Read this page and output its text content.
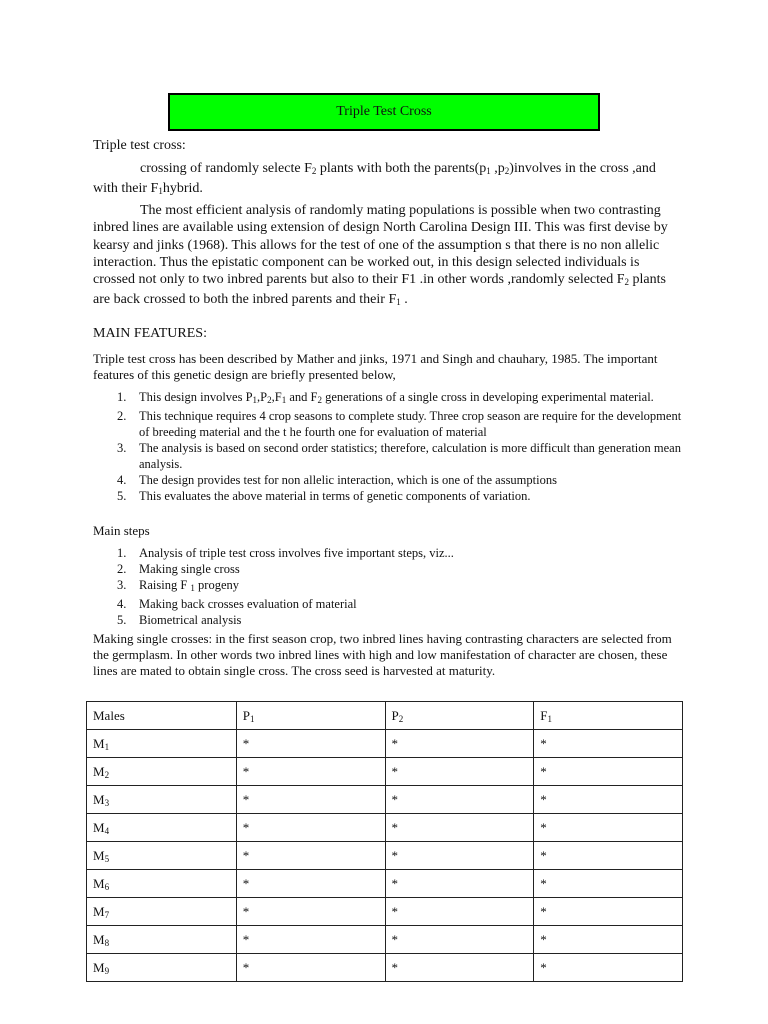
Triple Test Cross
Triple test cross:

crossing of randomly selecte $F_2$ plants with both the $parents(p_1$ $,p_2)involves$ in the cross ,and with their $F_1hybrid$.

The most efficient analysis of randomly mating populations is possible when two contrasting inbred lines are available using extension of design North Carolina Design III. This was first devise by kearsy and jinks (1968). This allows for the test of one of the assumption s that there is no non allelic interaction. Thus the epistatic component can be worked out, in this design selected individuals is crossed not only to two inbred parents but also to their F1 .in other words ,randomly selected $F_2$ plants are back crossed to both the inbred parents and their $F_1$ .

MAIN FEATURES:
Triple test cross has been described by Mather and jinks, 1971 and Singh and chauhary, 1985. The important features of this genetic design are briefly presented below,
1. This design involves $P_1,P_2,F_1$ and $F_2$ generations of a single cross in developing experimental material.
2. This technique requires 4 crop seasons to complete study. Three crop season are require for the development of breeding material and the t he fourth one for evaluation of material
3. The analysis is based on second order statistics; therefore, calculation is more difficult than generation mean analysis.
4. The design provides test for non allelic interaction, which is one of the assumptions
5. This evaluates the above material in terms of genetic components of variation.
Main steps
1. Analysis of triple test cross involves five important steps, viz...
2. Making single cross
3. Raising F $_1$ progeny
4. Making back crosses evaluation of material
5. Biometrical analysis
Making single crosses: in the first season crop, two inbred lines having contrasting characters are selected from the germplasm. In other words two inbred lines with high and low manifestation of character are chosen, these lines are mated to obtain single cross. The cross seed is harvested at maturity.
Males	$P_1$	$P_2$	$F_1$
$M_1$	*	*	*
$M_2$	*	*	*
$M_3$	*	*	*
$M_4$	*	*	*
$M_5$	*	*	*
$M_6$	*	*	*
$M_7$	*	*	*
$M_8$	*	*	*
$M_9$	*	*	*
